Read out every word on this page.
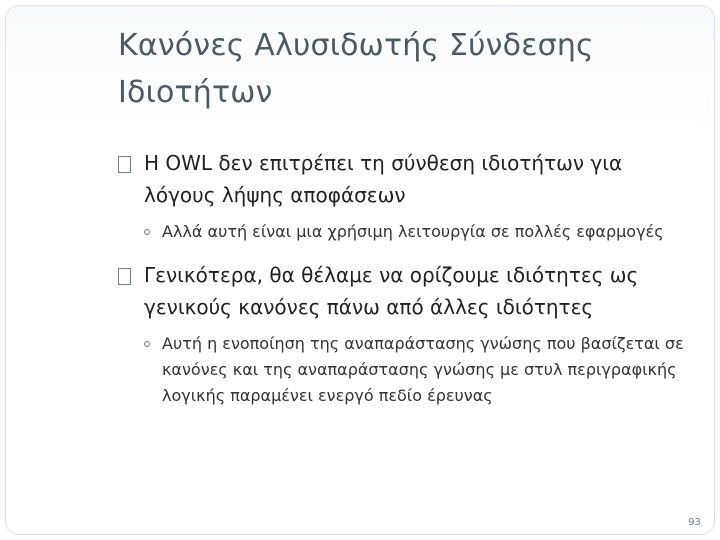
Κανόνες Αλυσιδωτής Σύνδεσης
Ιδιοτήτων
Η OWL δεν επιτρέπει τη σύνθεση ιδιοτήτων για λόγους λήψης αποφάσεων
Αλλά αυτή είναι μια χρήσιμη λειτουργία σε πολλές εφαρμογές
Γενικότερα, θα θέλαμε να ορίζουμε ιδιότητες ως γενικούς κανόνες πάνω από άλλες ιδιότητες
Αυτή η ενοποίηση της αναπαράστασης γνώσης που βασίζεται σε κανόνες και της αναπαράστασης γνώσης με στυλ περιγραφικής λογικής παραμένει ενεργό πεδίο έρευνας
93
